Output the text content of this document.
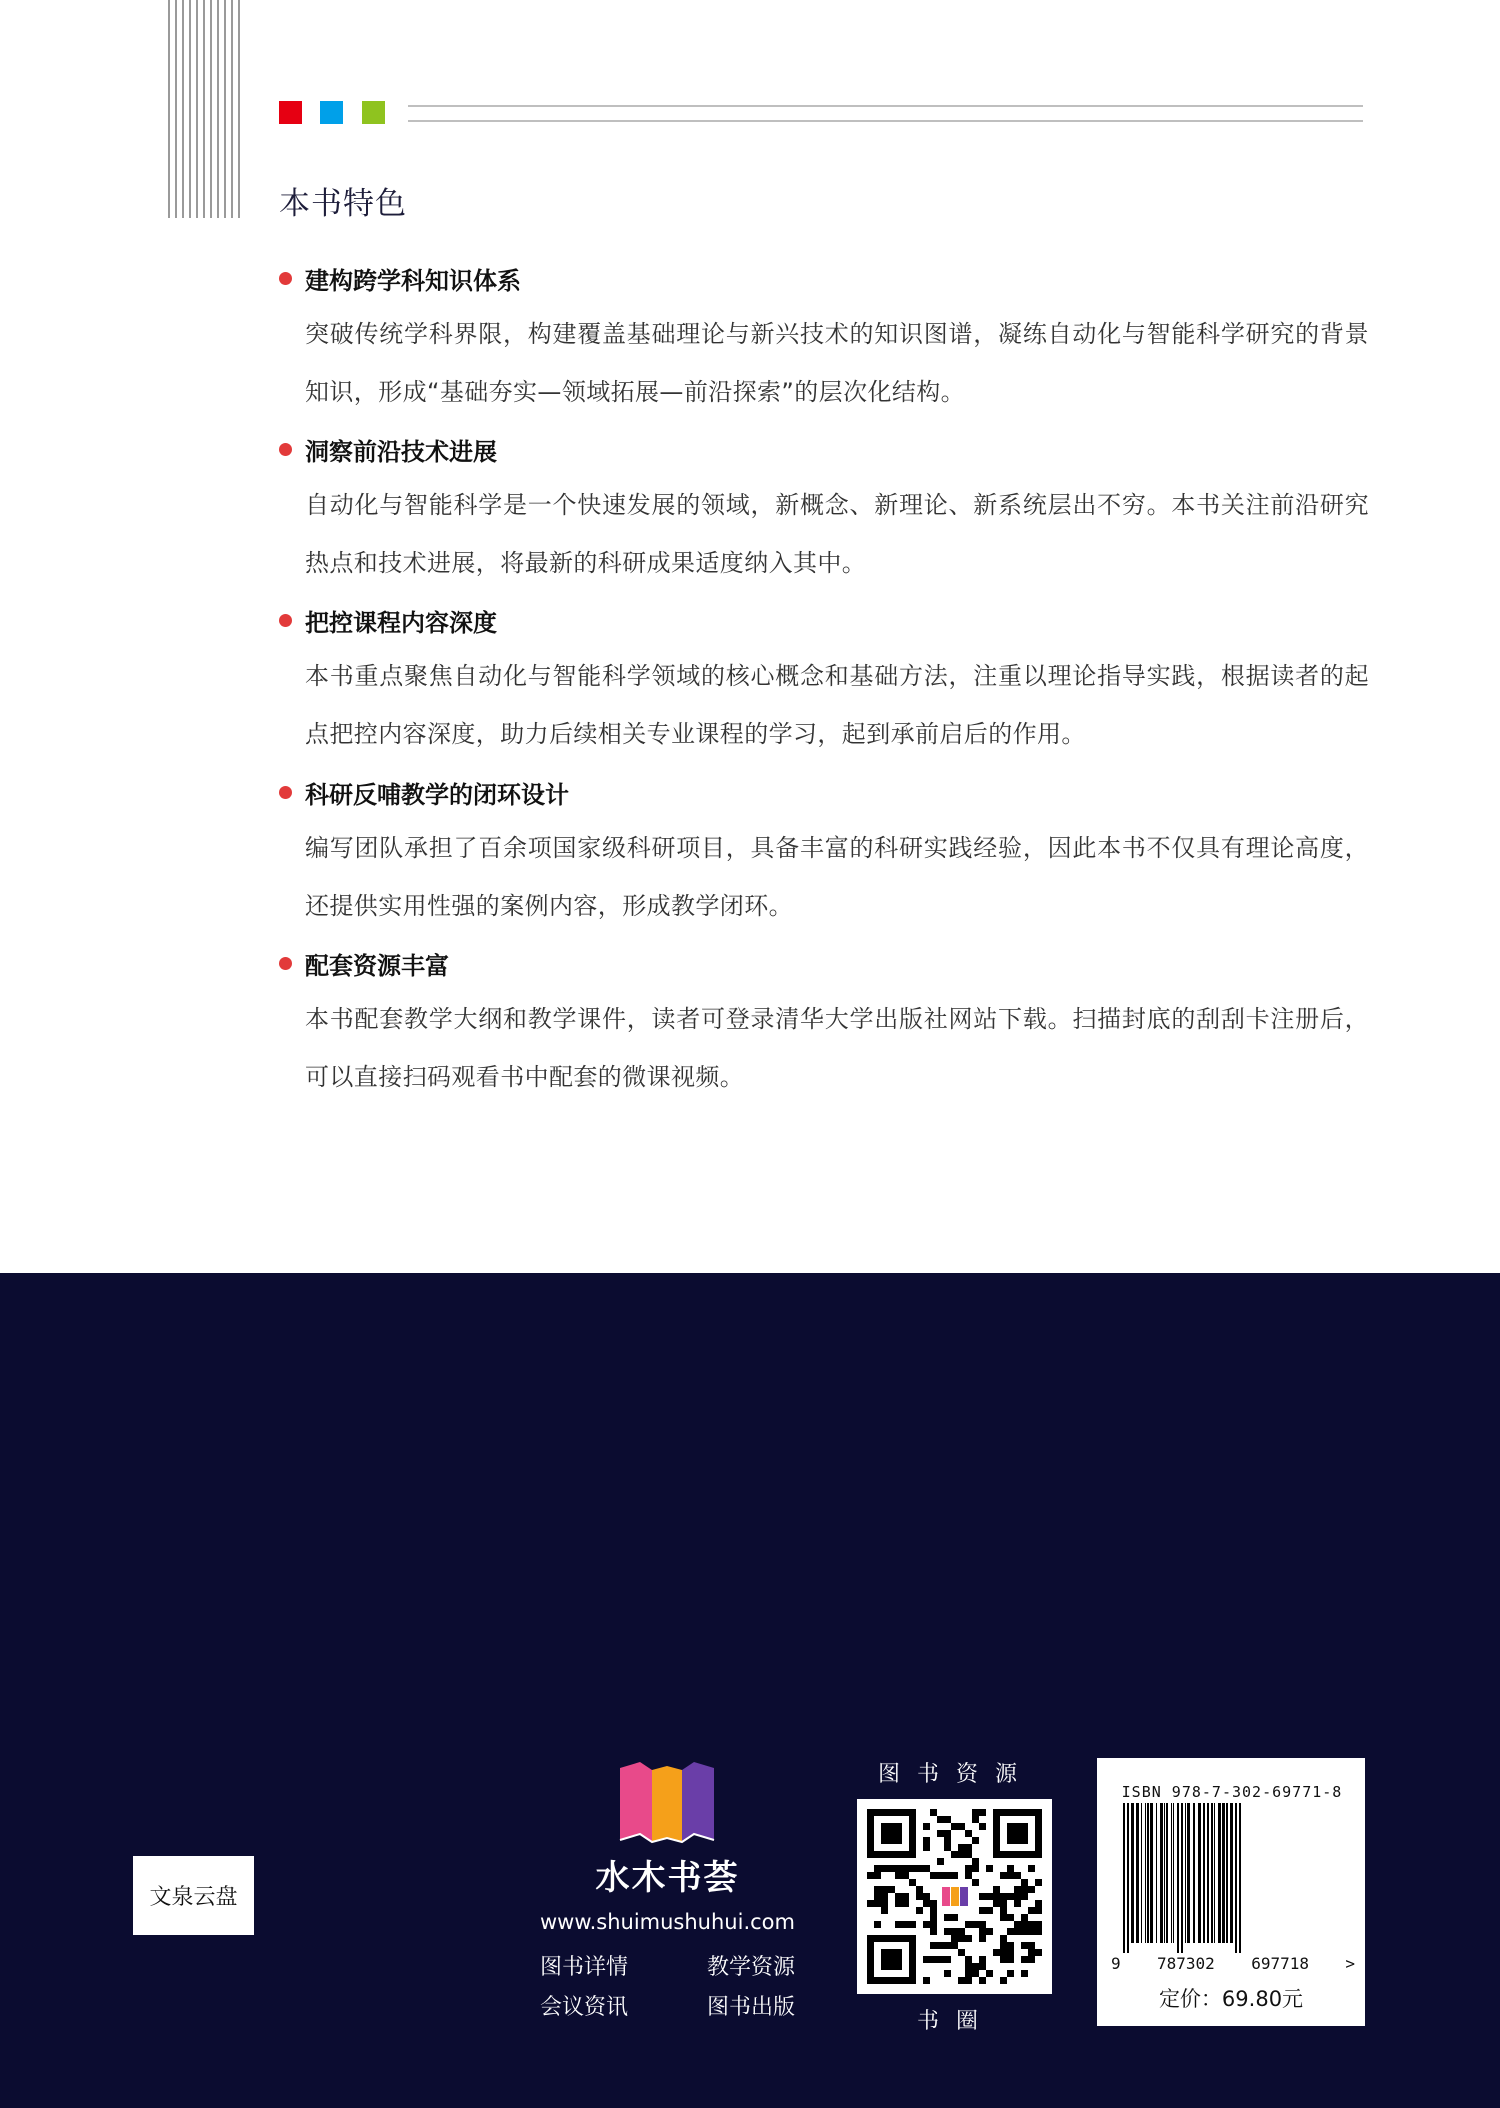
本书特色
建构跨学科知识体系
突破传统学科界限，构建覆盖基础理论与新兴技术的知识图谱，凝练自动化与智能科学研究的背景知识，形成“基础夯实—领域拓展—前沿探索”的层次化结构。
洞察前沿技术进展
自动化与智能科学是一个快速发展的领域，新概念、新理论、新系统层出不穷。本书关注前沿研究热点和技术进展，将最新的科研成果适度纳入其中。
把控课程内容深度
本书重点聚焦自动化与智能科学领域的核心概念和基础方法，注重以理论指导实践，根据读者的起点把控内容深度，助力后续相关专业课程的学习，起到承前启后的作用。
科研反哺教学的闭环设计
编写团队承担了百余项国家级科研项目，具备丰富的科研实践经验，因此本书不仅具有理论高度，还提供实用性强的案例内容，形成教学闭环。
配套资源丰富
本书配套教学大纲和教学课件，读者可登录清华大学出版社网站下载。扫描封底的刮刮卡注册后，可以直接扫码观看书中配套的微课视频。
文泉云盘	水木书荟
www.shuimushuhui.com
图书详情	教学资源
会议资讯	图书出版
图书资源
书圈
ISBN 978-7-302-69771-8
9 787302 697718 >
定价：69.80元
